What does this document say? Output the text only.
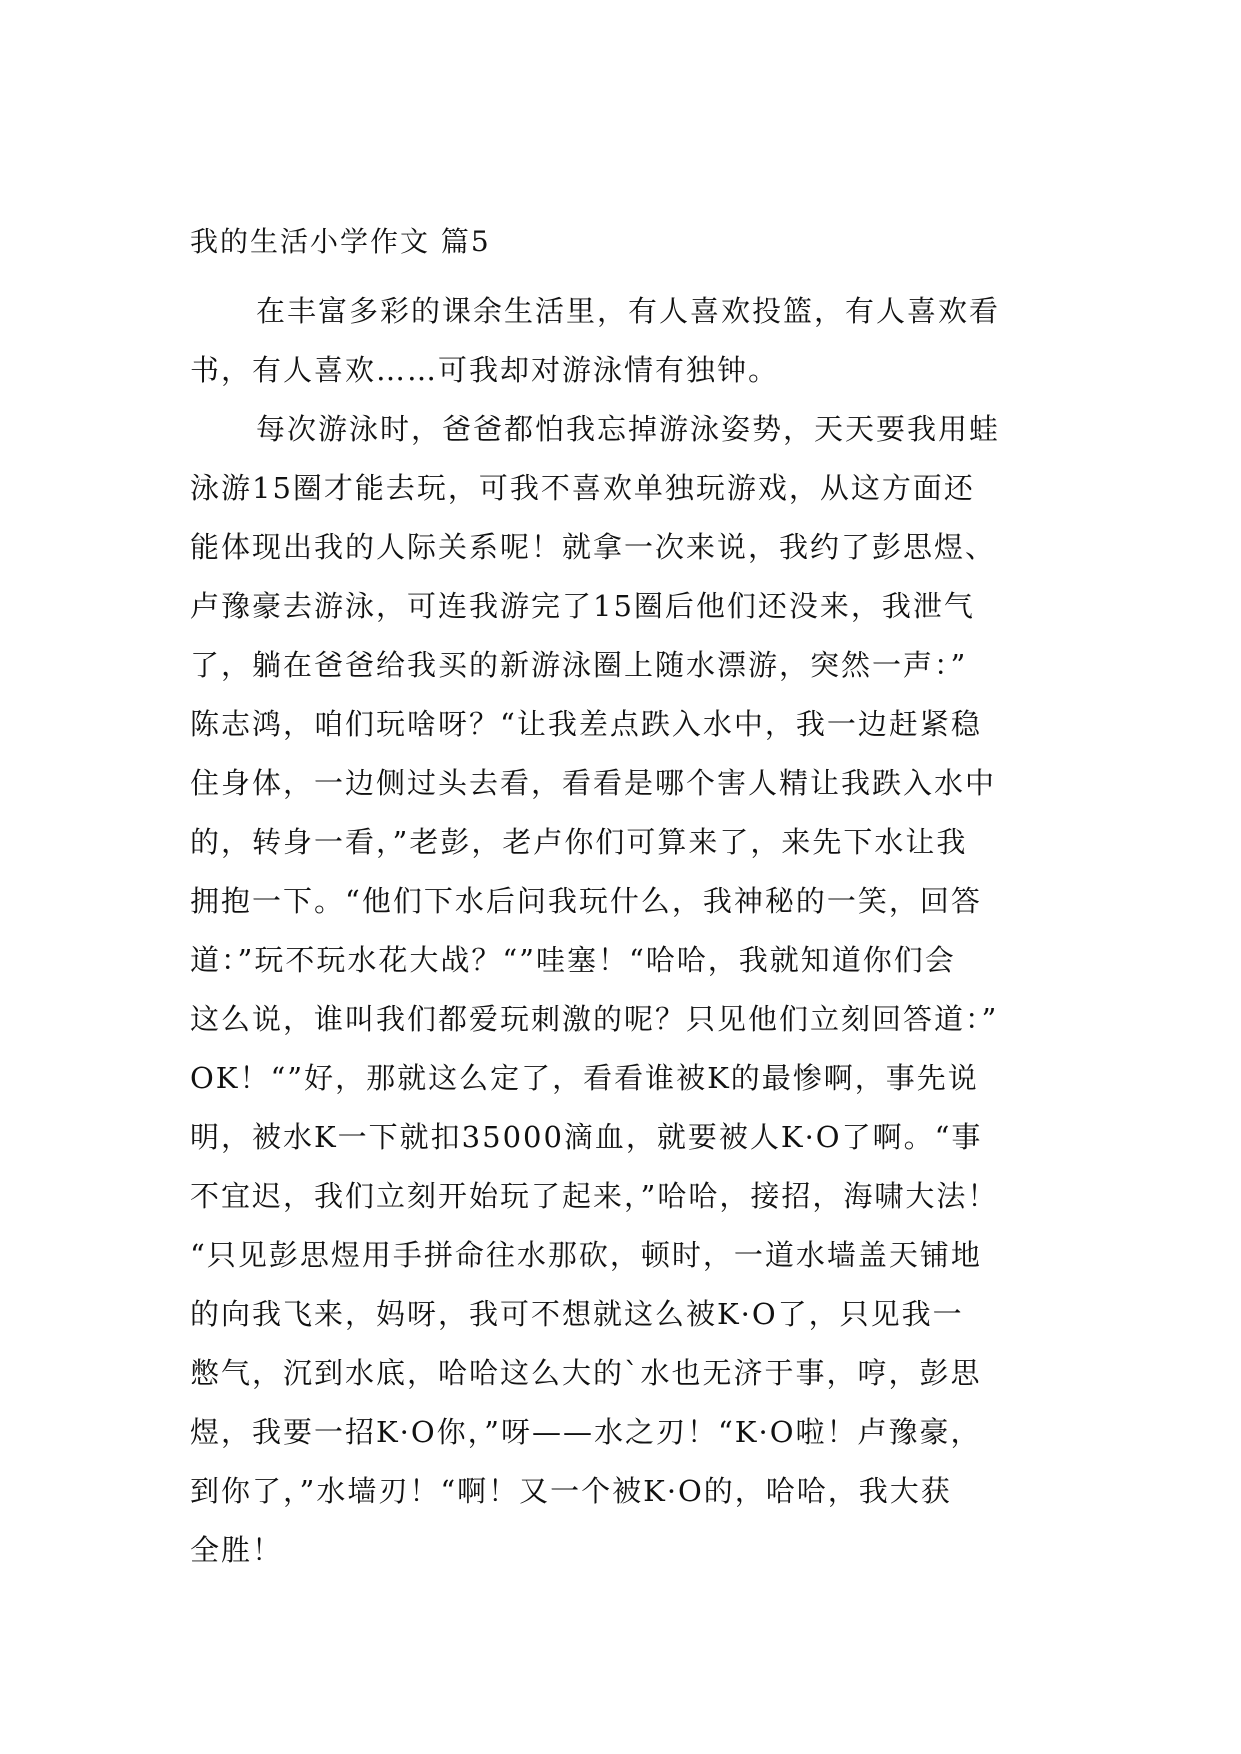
我的生活小学作文 篇5
在丰富多彩的课余生活里，有人喜欢投篮，有人喜欢看
书，有人喜欢……可我却对游泳情有独钟。
每次游泳时，爸爸都怕我忘掉游泳姿势，天天要我用蛙
泳游15圈才能去玩，可我不喜欢单独玩游戏，从这方面还
能体现出我的人际关系呢！就拿一次来说，我约了彭思煜、
卢豫豪去游泳，可连我游完了15圈后他们还没来，我泄气
了，躺在爸爸给我买的新游泳圈上随水漂游，突然一声：”
陈志鸿，咱们玩啥呀？“让我差点跌入水中，我一边赶紧稳
住身体，一边侧过头去看，看看是哪个害人精让我跌入水中
的，转身一看，”老彭，老卢你们可算来了，来先下水让我
拥抱一下。“他们下水后问我玩什么，我神秘的一笑，回答
道：”玩不玩水花大战？“”哇塞！“哈哈，我就知道你们会
这么说，谁叫我们都爱玩刺激的呢？只见他们立刻回答道：”
OK！“”好，那就这么定了，看看谁被K的最惨啊，事先说
明，被水K一下就扣35000滴血，就要被人K·O了啊。“事
不宜迟，我们立刻开始玩了起来，”哈哈，接招，海啸大法！
“只见彭思煜用手拼命往水那砍，顿时，一道水墙盖天铺地
的向我飞来，妈呀，我可不想就这么被K·O了，只见我一
憋气，沉到水底，哈哈这么大的`水也无济于事，哼，彭思
煜，我要一招K·O你，”呀——水之刃！“K·O啦！卢豫豪，
到你了，”水墙刃！“啊！又一个被K·O的，哈哈，我大获
全胜！
